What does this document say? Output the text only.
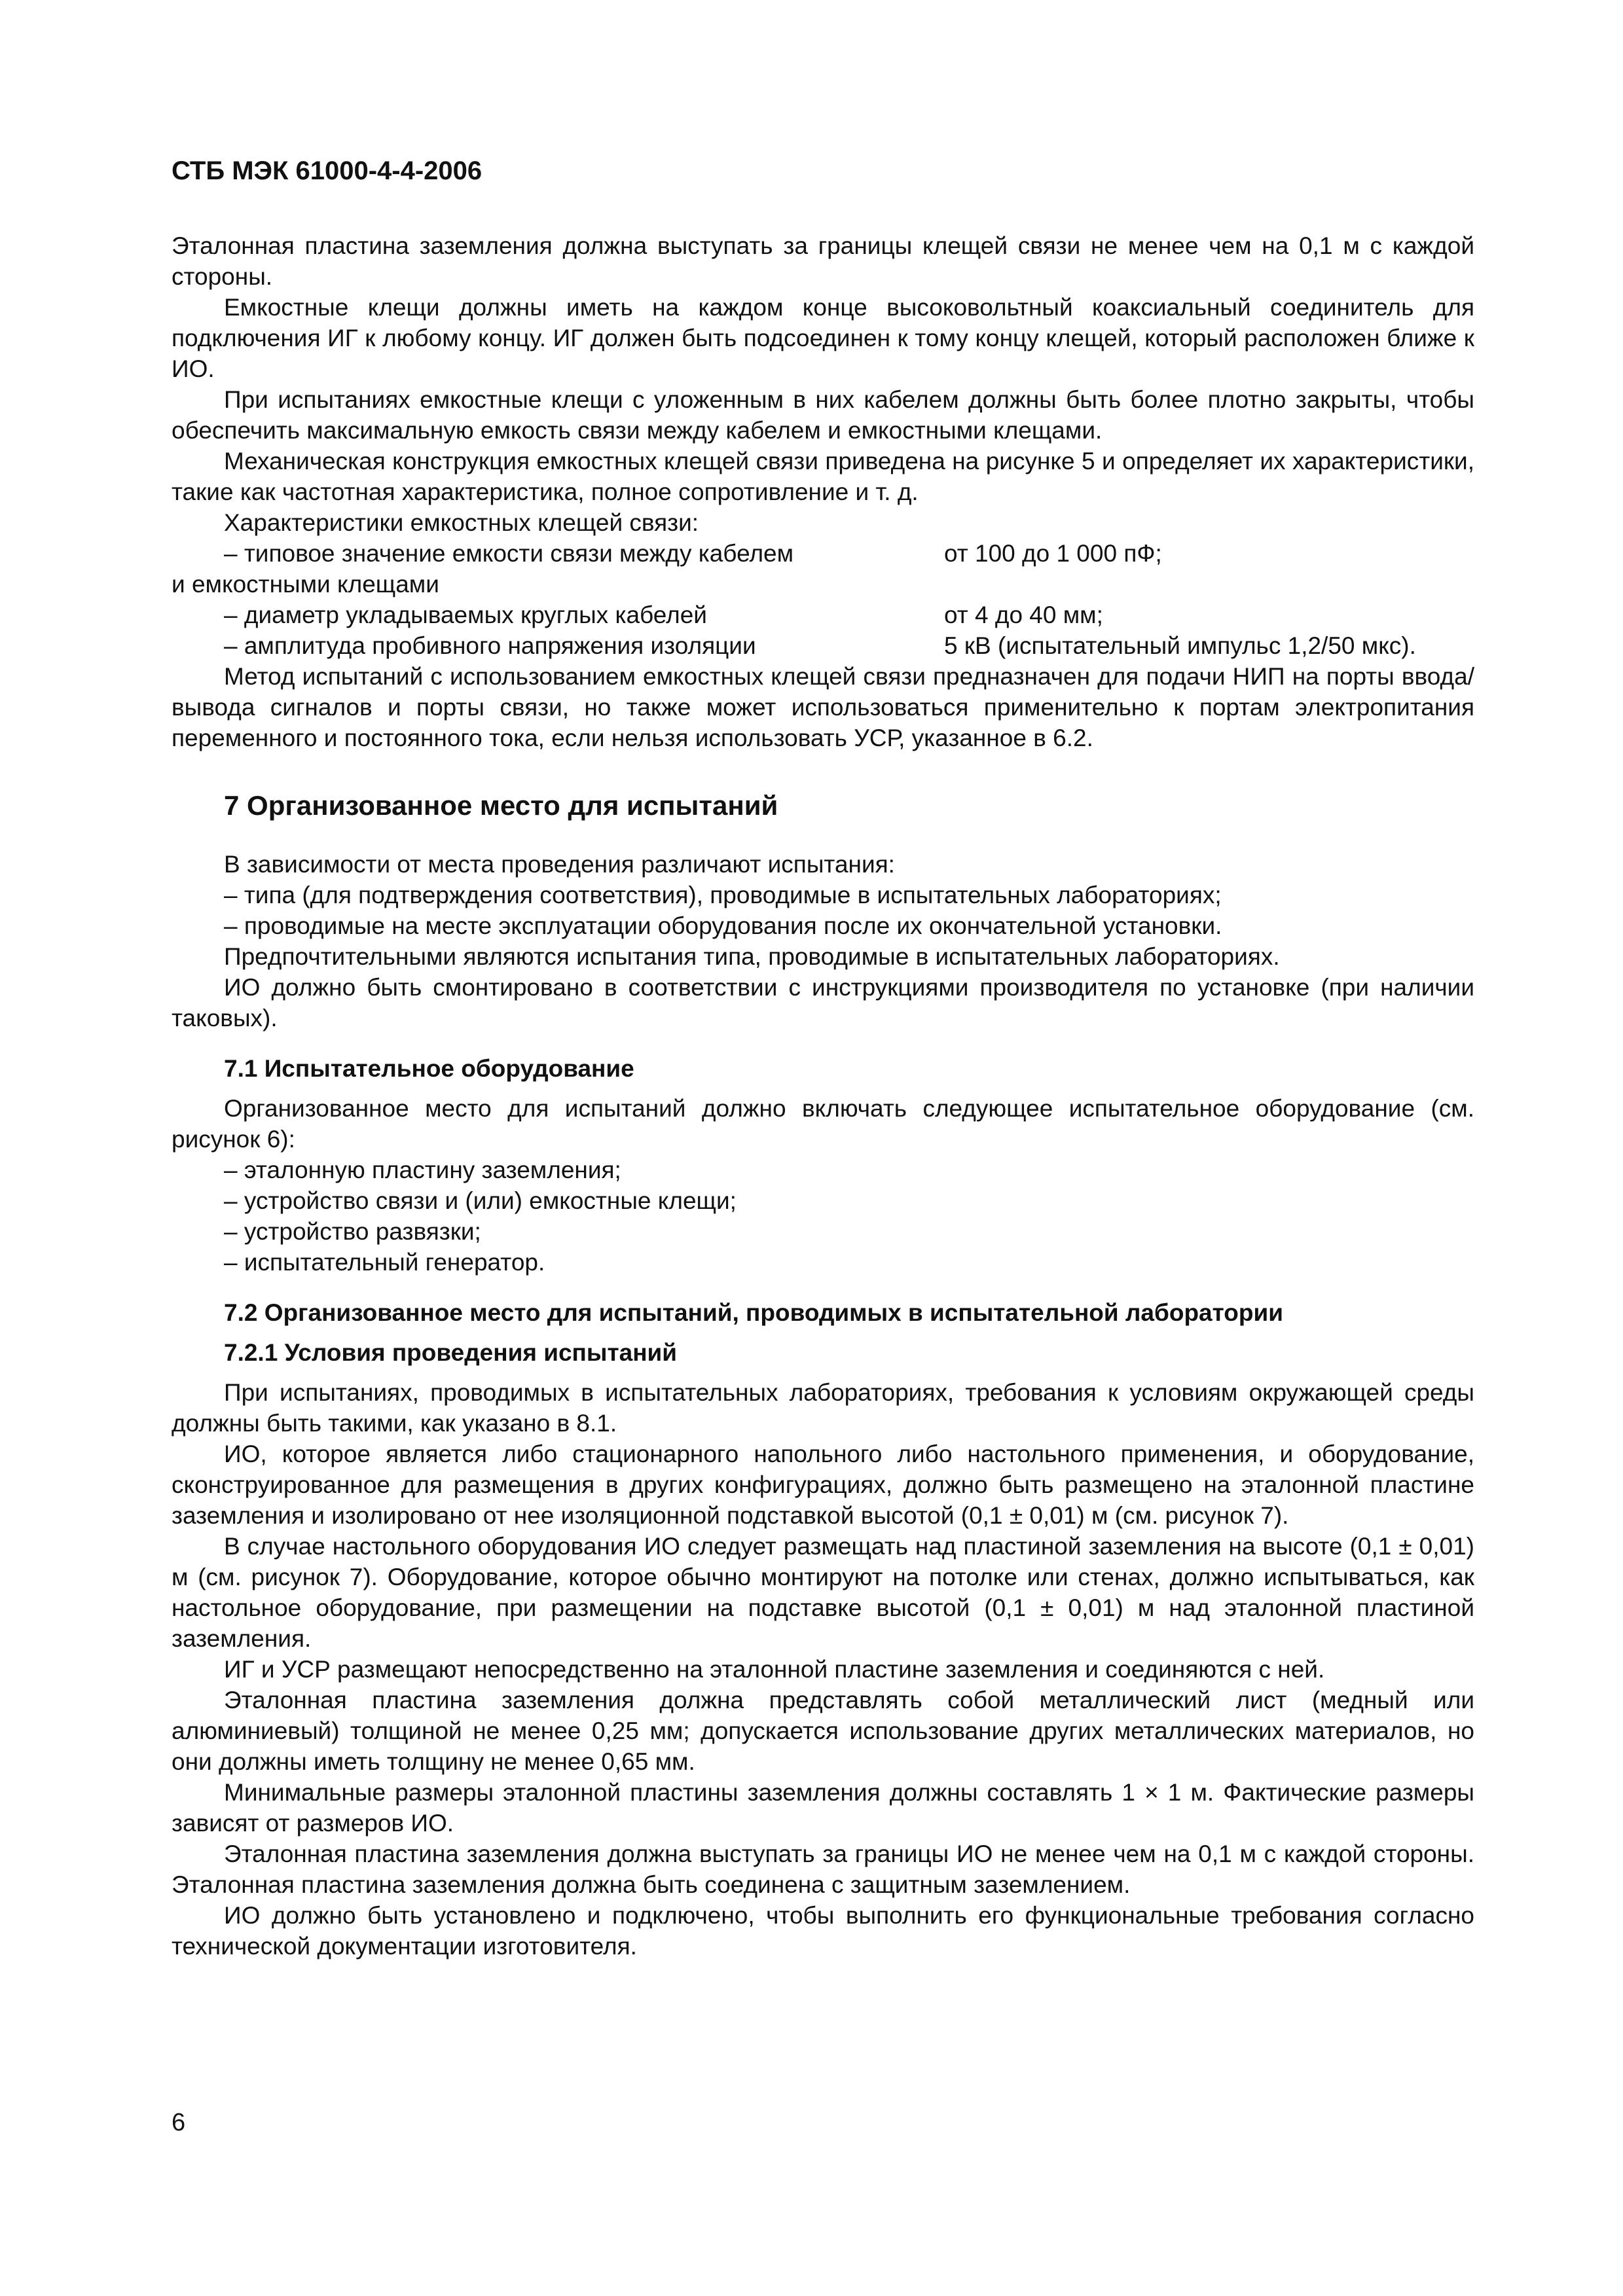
СТБ МЭК 61000-4-4-2006

Эталонная пластина заземления должна выступать за границы клещей связи не менее чем на 0,1 м с каждой стороны.

Емкостные клещи должны иметь на каждом конце высоковольтный коаксиальный соединитель для подключения ИГ к любому концу. ИГ должен быть подсоединен к тому концу клещей, который расположен ближе к ИО.

При испытаниях емкостные клещи с уложенным в них кабелем должны быть более плотно закрыты, чтобы обеспечить максимальную емкость связи между кабелем и емкостными клещами.

Механическая конструкция емкостных клещей связи приведена на рисунке 5 и определяет их характеристики, такие как частотная характеристика, полное сопротивление и т. д.

Характеристики емкостных клещей связи:

– типовое значение емкости связи между кабелем	от 100 до 1 000 пФ;

и емкостными клещами

– диаметр укладываемых круглых кабелей	от 4 до 40 мм;
– амплитуда пробивного напряжения изоляции	5 кВ (испытательный импульс 1,2/50 мкс).

Метод испытаний с использованием емкостных клещей связи предназначен для подачи НИП на порты ввода/вывода сигналов и порты связи, но также может использоваться применительно к портам электропитания переменного и постоянного тока, если нельзя использовать УСР, указанное в 6.2.

7 Организованное место для испытаний

В зависимости от места проведения различают испытания:

– типа (для подтверждения соответствия), проводимые в испытательных лабораториях;

– проводимые на месте эксплуатации оборудования после их окончательной установки.

Предпочтительными являются испытания типа, проводимые в испытательных лабораториях.

ИО должно быть смонтировано в соответствии с инструкциями производителя по установке (при наличии таковых).

7.1 Испытательное оборудование

Организованное место для испытаний должно включать следующее испытательное оборудование (см. рисунок 6):

– эталонную пластину заземления;

– устройство связи и (или) емкостные клещи;

– устройство развязки;

– испытательный генератор.

7.2 Организованное место для испытаний, проводимых в испытательной лаборатории
7.2.1 Условия проведения испытаний

При испытаниях, проводимых в испытательных лабораториях, требования к условиям окружающей среды должны быть такими, как указано в 8.1.

ИО, которое является либо стационарного напольного либо настольного применения, и оборудование, сконструированное для размещения в других конфигурациях, должно быть размещено на эталонной пластине заземления и изолировано от нее изоляционной подставкой высотой (0,1 ± 0,01) м (см. рисунок 7).

В случае настольного оборудования ИО следует размещать над пластиной заземления на высоте (0,1 ± 0,01) м (см. рисунок 7). Оборудование, которое обычно монтируют на потолке или стенах, должно испытываться, как настольное оборудование, при размещении на подставке высотой (0,1 ± 0,01) м над эталонной пластиной заземления.

ИГ и УСР размещают непосредственно на эталонной пластине заземления и соединяются с ней.

Эталонная пластина заземления должна представлять собой металлический лист (медный или алюминиевый) толщиной не менее 0,25 мм; допускается использование других металлических материалов, но они должны иметь толщину не менее 0,65 мм.

Минимальные размеры эталонной пластины заземления должны составлять 1 × 1 м. Фактические размеры зависят от размеров ИО.

Эталонная пластина заземления должна выступать за границы ИО не менее чем на 0,1 м с каждой стороны. Эталонная пластина заземления должна быть соединена с защитным заземлением.

ИО должно быть установлено и подключено, чтобы выполнить его функциональные требования согласно технической документации изготовителя.

6
